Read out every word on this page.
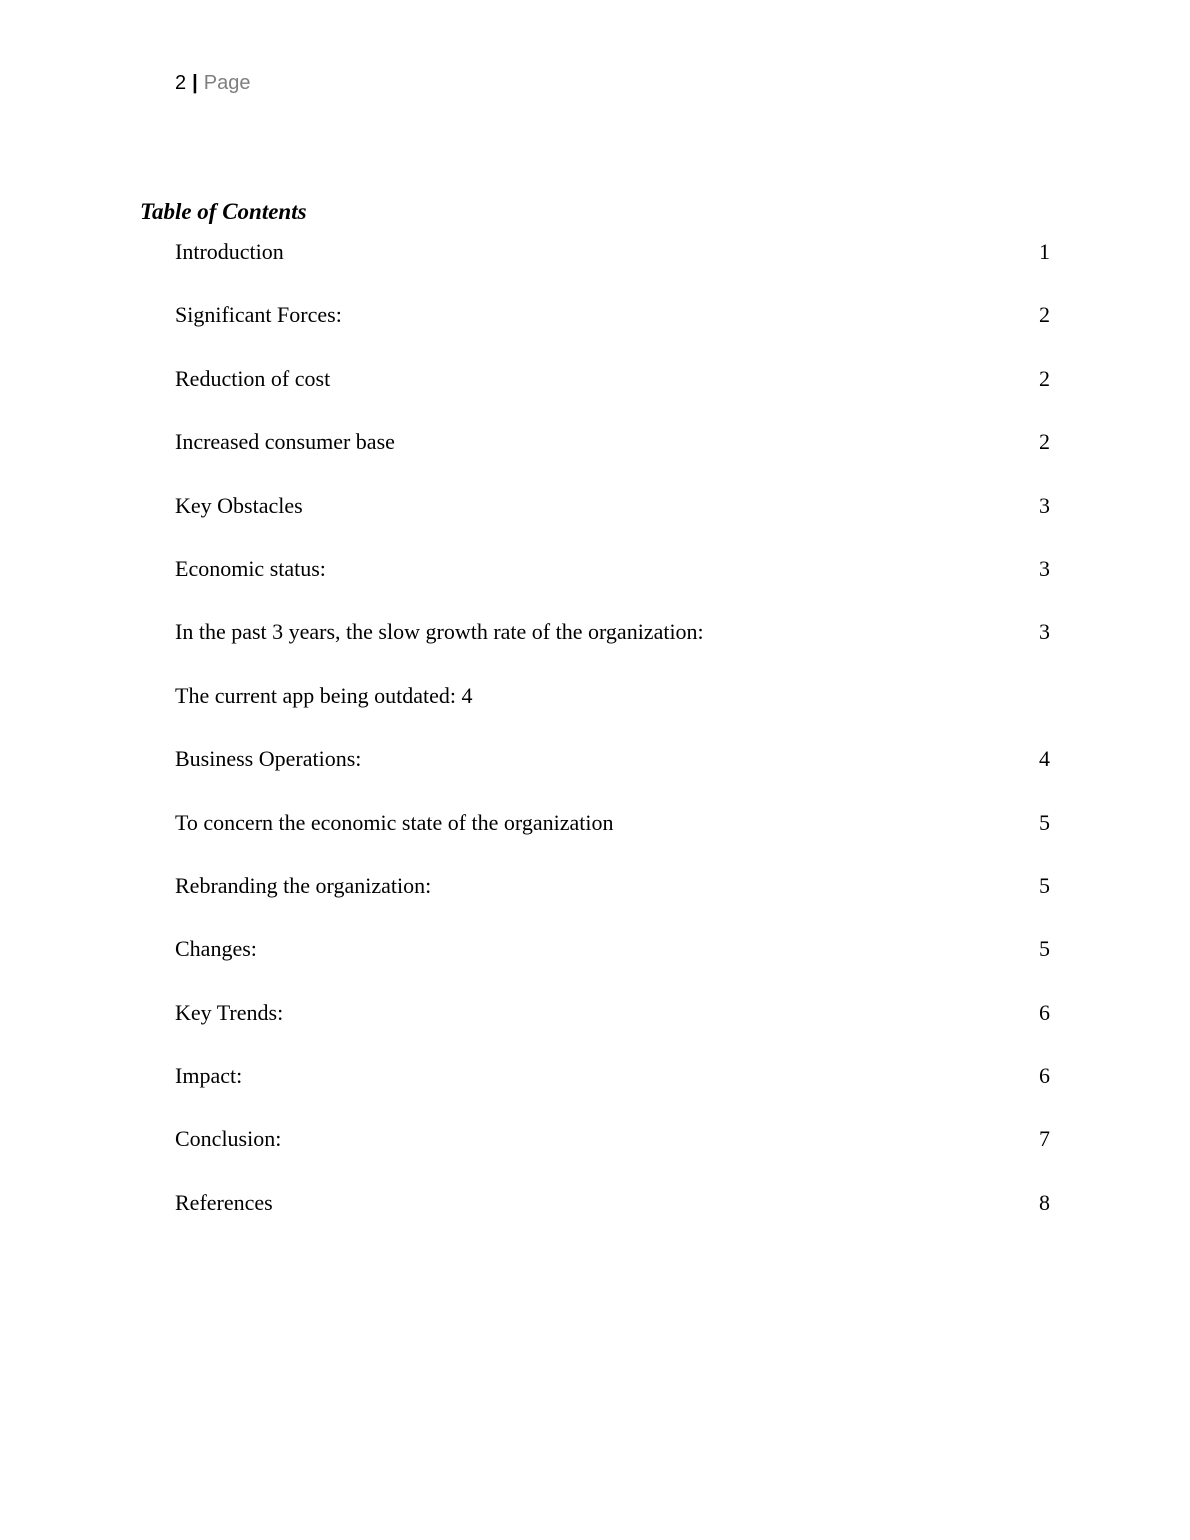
2 | Page
Table of Contents
Introduction	1
Significant Forces:	2
Reduction of cost	2
Increased consumer base	2
Key Obstacles	3
Economic status:	3
In the past 3 years, the slow growth rate of the organization:	3
The current app being outdated: 4
Business Operations:	4
To concern the economic state of the organization	5
Rebranding the organization:	5
Changes:	5
Key Trends:	6
Impact:	6
Conclusion:	7
References	8
